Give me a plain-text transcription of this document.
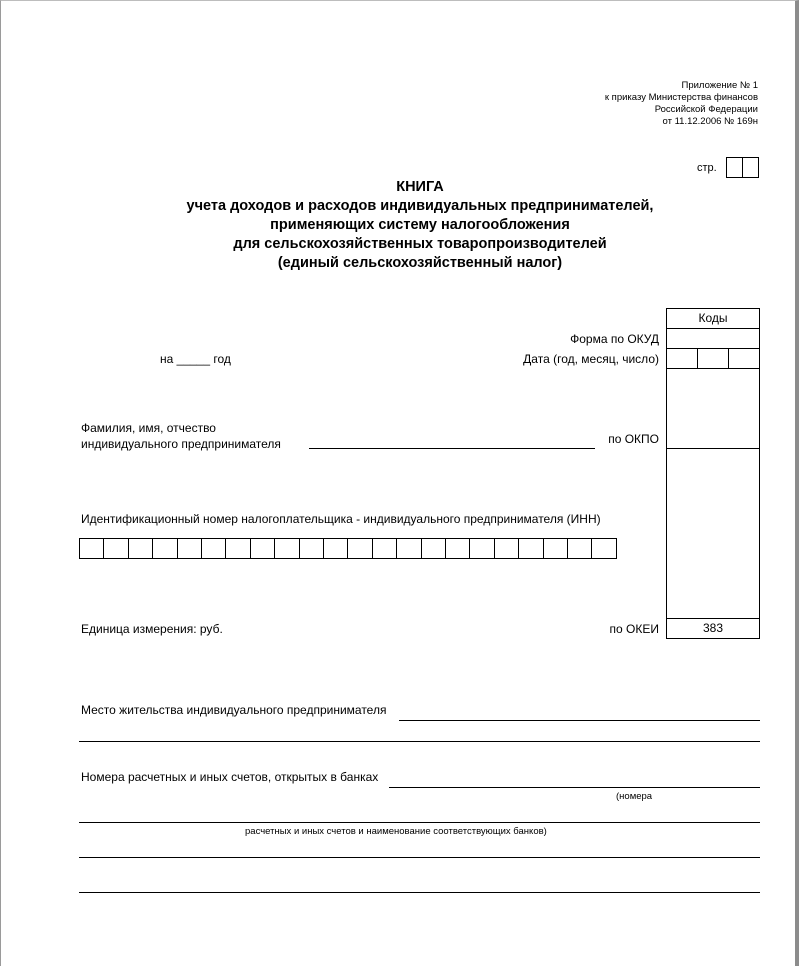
Приложение № 1
к приказу Министерства финансов
Российской Федерации
от 11.12.2006 № 169н
стр.
КНИГА
учета доходов и расходов индивидуальных предпринимателей,
применяющих систему налогообложения
для сельскохозяйственных товаропроизводителей
(единый сельскохозяйственный налог)
Коды
383
Форма по ОКУД
Дата (год, месяц, число)
по ОКПО
по ОКЕИ
на _____ год
Фамилия, имя, отчество
индивидуального предпринимателя
Идентификационный номер налогоплательщика - индивидуального предпринимателя (ИНН)
Единица измерения: руб.
Место жительства индивидуального предпринимателя
Номера расчетных и иных счетов, открытых в банках
(номера
расчетных и иных счетов и наименование соответствующих банков)
